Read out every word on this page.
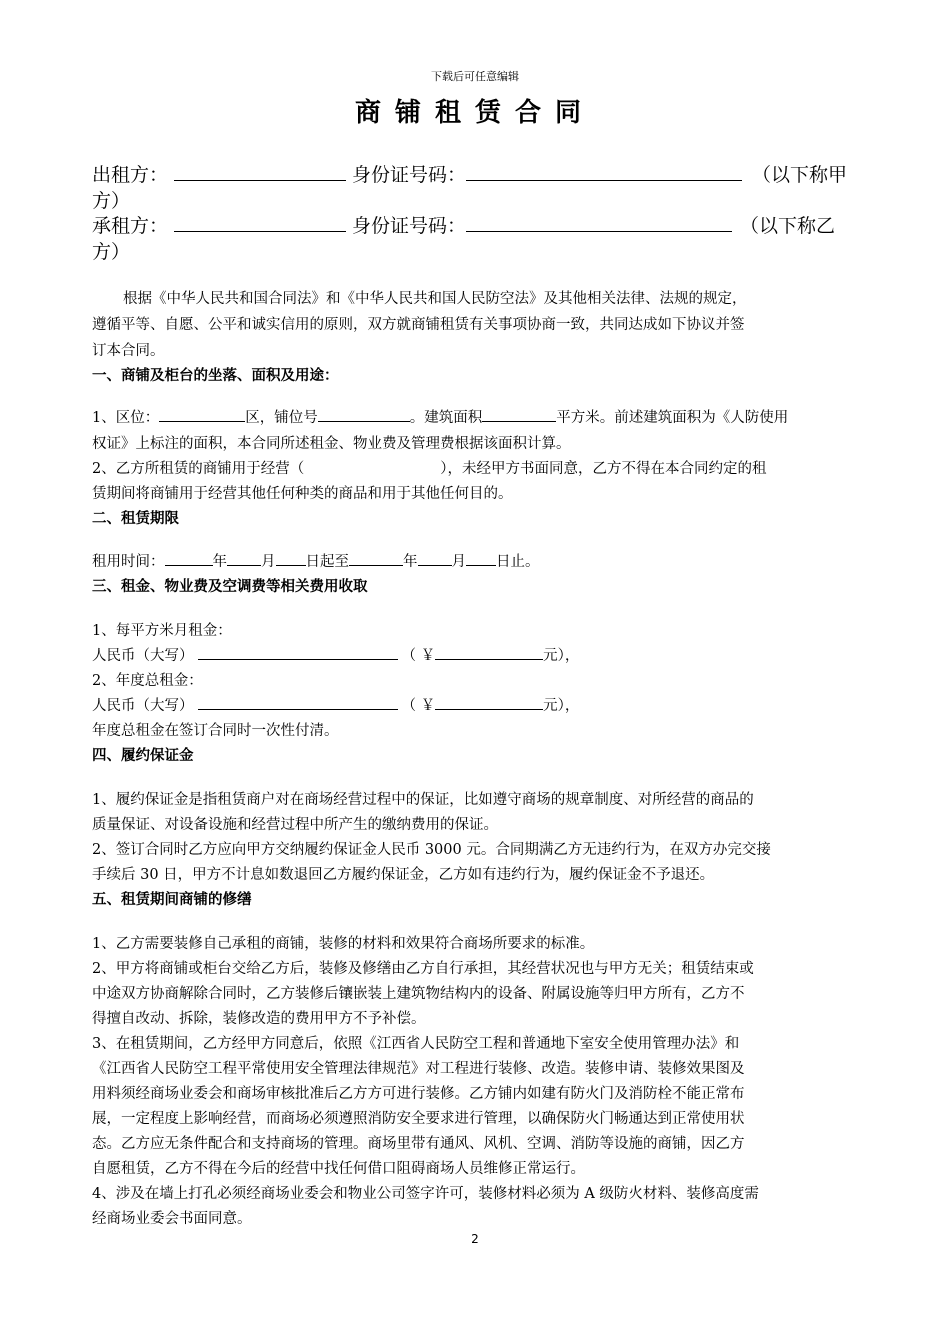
下载后可任意编辑
商铺租赁合同
出租方：	身份证号码：	（以下称甲
方）
承租方：	身份证号码：	（以下称乙
方）
根据《中华人民共和国合同法》和《中华人民共和国人民防空法》及其他相关法律、法规的规定，
遵循平等、自愿、公平和诚实信用的原则，双方就商铺租赁有关事项协商一致，共同达成如下协议并签
订本合同。
一、商铺及柜台的坐落、面积及用途：
1、区位：	区，铺位号	。建筑面积	平方米。前述建筑面积为《人防使用
权证》上标注的面积，本合同所述租金、物业费及管理费根据该面积计算。
2、乙方所租赁的商铺用于经营（	），未经甲方书面同意，乙方不得在本合同约定的租
赁期间将商铺用于经营其他任何种类的商品和用于其他任何目的。
二、租赁期限
租用时间：	年 月 日起至	年 月 日止。
三、租金、物业费及空调费等相关费用收取
1、每平方米月租金：
人民币（大写）	（ ￥	元），
2、年度总租金：
人民币（大写）	（ ￥	元），
年度总租金在签订合同时一次性付清。
四、履约保证金
1、履约保证金是指租赁商户对在商场经营过程中的保证，比如遵守商场的规章制度、对所经营的商品的
质量保证、对设备设施和经营过程中所产生的缴纳费用的保证。
2、签订合同时乙方应向甲方交纳履约保证金人民币 3000 元。合同期满乙方无违约行为，在双方办完交接
手续后 30 日，甲方不计息如数退回乙方履约保证金，乙方如有违约行为，履约保证金不予退还。
五、租赁期间商铺的修缮
1、乙方需要装修自己承租的商铺，装修的材料和效果符合商场所要求的标准。
2、甲方将商铺或柜台交给乙方后，装修及修缮由乙方自行承担，其经营状况也与甲方无关；租赁结束或
中途双方协商解除合同时，乙方装修后镶嵌装上建筑物结构内的设备、附属设施等归甲方所有，乙方不
得擅自改动、拆除，装修改造的费用甲方不予补偿。
3、在租赁期间，乙方经甲方同意后，依照《江西省人民防空工程和普通地下室安全使用管理办法》和
《江西省人民防空工程平常使用安全管理法律规范》对工程进行装修、改造。装修申请、装修效果图及
用料须经商场业委会和商场审核批准后乙方方可进行装修。乙方铺内如建有防火门及消防栓不能正常布
展，一定程度上影响经营，而商场必须遵照消防安全要求进行管理，以确保防火门畅通达到正常使用状
态。乙方应无条件配合和支持商场的管理。商场里带有通风、风机、空调、消防等设施的商铺，因乙方
自愿租赁，乙方不得在今后的经营中找任何借口阻碍商场人员维修正常运行。
4、涉及在墙上打孔必须经商场业委会和物业公司签字许可，装修材料必须为 A 级防火材料、装修高度需
经商场业委会书面同意。
2
